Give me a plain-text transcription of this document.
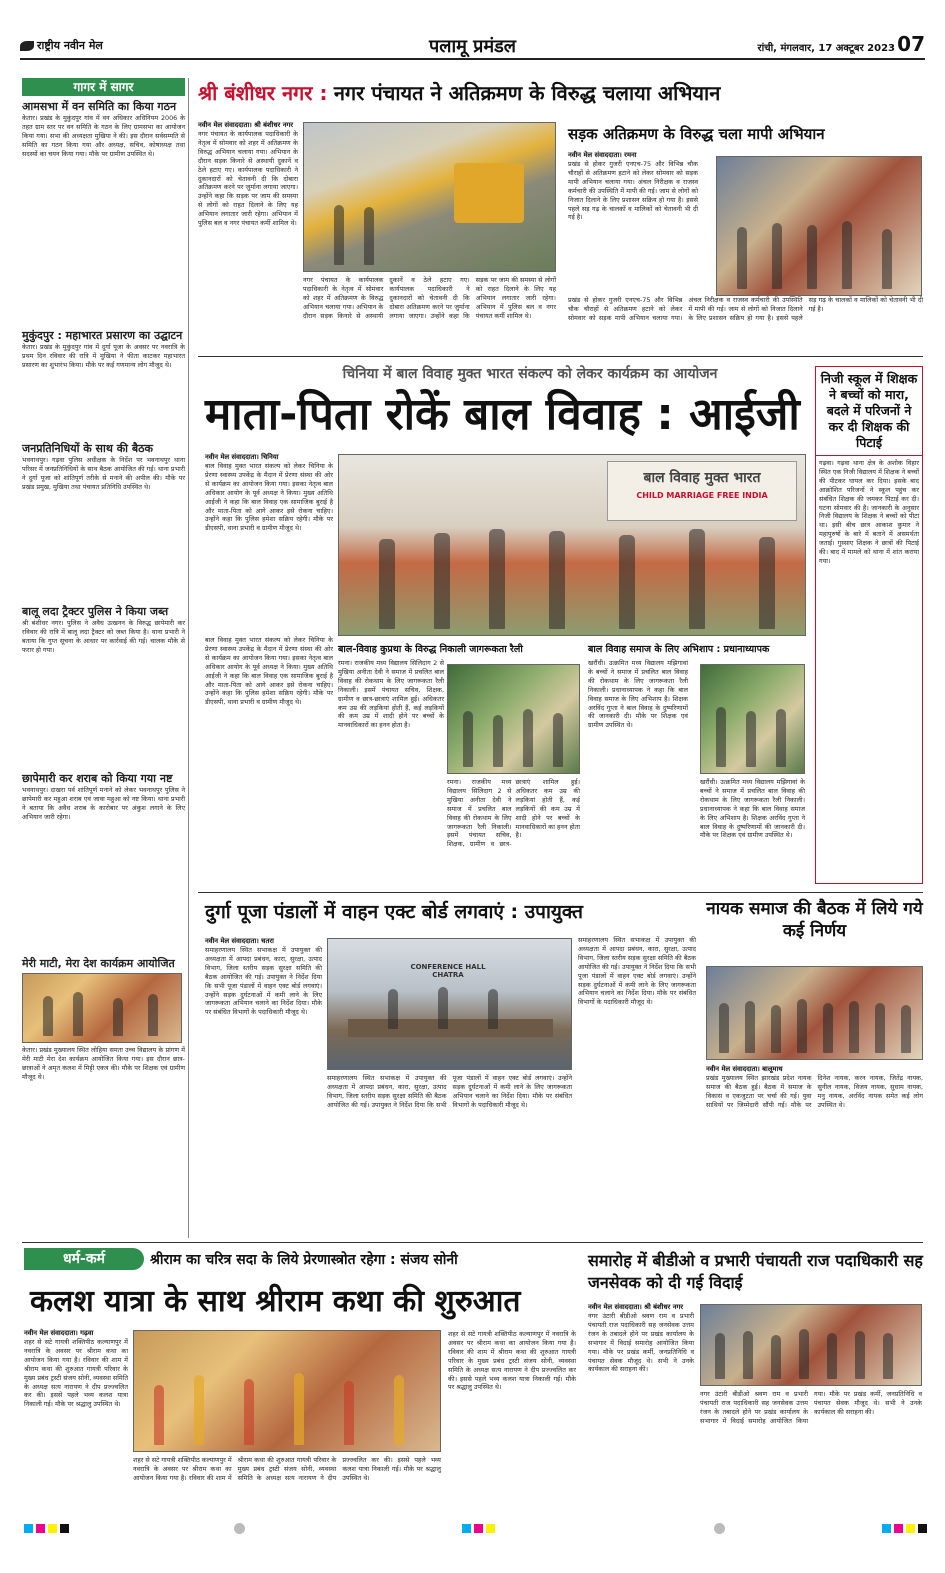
राष्ट्रीय नवीन मेल	पलामू प्रमंडल	रांची, मंगलवार, 17 अक्टूबर 2023 07
गागर में सागर
आमसभा में वन समिति का किया गठन
केतार। प्रखंड के मुकुंदपुर गांव में वन अधिकार अधिनियम 2006 के तहत ग्राम स्तर पर वन समिति के गठन के लिए ग्रामसभा का आयोजन किया गया। सभा की अध्यक्षता मुखिया ने की। इस दौरान सर्वसम्मति से समिति का गठन किया गया और अध्यक्ष, सचिव, कोषाध्यक्ष तथा सदस्यों का चयन किया गया। मौके पर ग्रामीण उपस्थित थे।
मुकुंदपुर : महाभारत प्रसारण का उद्घाटन
केतार। प्रखंड के मुकुंदपुर गांव में दुर्गा पूजा के अवसर पर नवरात्रि के प्रथम दिन रविवार की रात्रि में मुखिया ने फीता काटकर महाभारत प्रसारण का शुभारंभ किया। मौके पर कई गणमान्य लोग मौजूद थे।
जनप्रतिनिधियों के साथ की बैठक
भवनाथपुर। गढ़वा पुलिस अधीक्षक के निर्देश पर भवनाथपुर थाना परिसर में जनप्रतिनिधियों के साथ बैठक आयोजित की गई। थाना प्रभारी ने दुर्गा पूजा को शांतिपूर्ण तरीके से मनाने की अपील की। मौके पर प्रखंड प्रमुख, मुखिया तथा पंचायत प्रतिनिधि उपस्थित थे।
बालू लदा ट्रैक्टर पुलिस ने किया जब्त
श्री बंशीधर नगर। पुलिस ने अवैध उत्खनन के विरुद्ध छापेमारी कर रविवार की रात्रि में बालू लदा ट्रैक्टर को जब्त किया है। थाना प्रभारी ने बताया कि गुप्त सूचना के आधार पर कार्रवाई की गई। चालक मौके से फरार हो गया।
छापेमारी कर शराब को किया गया नष्ट
भवनाथपुर। दाखरा पर्व शांतिपूर्ण मनाने को लेकर भवनाथपुर पुलिस ने छापेमारी कर महुआ शराब एवं जावा महुआ को नष्ट किया। थाना प्रभारी ने बताया कि अवैध शराब के कारोबार पर अंकुश लगाने के लिए अभियान जारी रहेगा।
मेरी माटी, मेरा देश कार्यक्रम आयोजित
केतार। प्रखंड मुख्यालय स्थित लोहिया समता उच्च विद्यालय के प्रांगण में मेरी माटी मेरा देश कार्यक्रम आयोजित किया गया। इस दौरान छात्र-छात्राओं ने अमृत कलश में मिट्टी एकत्र की। मौके पर शिक्षक एवं ग्रामीण मौजूद थे।
श्री बंशीधर नगर : नगर पंचायत ने अतिक्रमण के विरुद्ध चलाया अभियान
नवीन मेल संवाददाता। श्री बंशीधर नगर
नगर पंचायत के कार्यपालक पदाधिकारी के नेतृत्व में सोमवार को शहर में अतिक्रमण के विरुद्ध अभियान चलाया गया। अभियान के दौरान सड़क किनारे से अस्थायी दुकानें व ठेले हटाए गए। कार्यपालक पदाधिकारी ने दुकानदारों को चेतावनी दी कि दोबारा अतिक्रमण करने पर जुर्माना लगाया जाएगा। उन्होंने कहा कि सड़क पर जाम की समस्या से लोगों को राहत दिलाने के लिए यह अभियान लगातार जारी रहेगा। अभियान में पुलिस बल व नगर पंचायत कर्मी शामिल थे।
नगर पंचायत के कार्यपालक पदाधिकारी के नेतृत्व में सोमवार को शहर में अतिक्रमण के विरुद्ध अभियान चलाया गया। अभियान के दौरान सड़क किनारे से अस्थायी दुकानें व ठेले हटाए गए। कार्यपालक पदाधिकारी ने दुकानदारों को चेतावनी दी कि दोबारा अतिक्रमण करने पर जुर्माना लगाया जाएगा। उन्होंने कहा कि सड़क पर जाम की समस्या से लोगों को राहत दिलाने के लिए यह अभियान लगातार जारी रहेगा। अभियान में पुलिस बल व नगर पंचायत कर्मी शामिल थे।
सड़क अतिक्रमण के विरुद्ध चला मापी अभियान
नवीन मेल संवाददाता। रमना
प्रखंड से होकर गुजरी एनएच-75 और विभिन्न चौक चौराहों से अतिक्रमण हटाने को लेकर सोमवार को सड़क मापी अभियान चलाया गया। अंचल निरीक्षक व राजस्व कर्मचारी की उपस्थिति में मापी की गई। जाम से लोगों को निजात दिलाने के लिए प्रशासन सक्रिय हो गया है। इससे पहले सड़ गढ़ के चालकों व मालिकों को चेतावनी भी दी गई है।
प्रखंड से होकर गुजरी एनएच-75 और विभिन्न चौक चौराहों से अतिक्रमण हटाने को लेकर सोमवार को सड़क मापी अभियान चलाया गया। अंचल निरीक्षक व राजस्व कर्मचारी की उपस्थिति में मापी की गई। जाम से लोगों को निजात दिलाने के लिए प्रशासन सक्रिय हो गया है। इससे पहले सड़ गढ़ के चालकों व मालिकों को चेतावनी भी दी गई है।
चिनिया में बाल विवाह मुक्त भारत संकल्प को लेकर कार्यक्रम का आयोजन
माता-पिता रोकें बाल विवाह : आईजी
नवीन मेल संवाददाता। चिनिया
बाल विवाह मुक्त भारत संकल्प को लेकर चिनिया के प्रेरणा स्वास्थ्य उपकेंद्र के मैदान में प्रेरणा संस्था की ओर से कार्यक्रम का आयोजन किया गया। इसका नेतृत्व बाल अधिकार आयोग के पूर्व अध्यक्ष ने किया। मुख्य अतिथि आईजी ने कहा कि बाल विवाह एक सामाजिक बुराई है और माता-पिता को आगे आकर इसे रोकना चाहिए। उन्होंने कहा कि पुलिस हमेशा सक्रिय रहेगी। मौके पर डीएसपी, थाना प्रभारी व ग्रामीण मौजूद थे।
बाल विवाह मुक्त भारत
CHILD MARRIAGE FREE INDIA
बाल विवाह मुक्त भारत संकल्प को लेकर चिनिया के प्रेरणा स्वास्थ्य उपकेंद्र के मैदान में प्रेरणा संस्था की ओर से कार्यक्रम का आयोजन किया गया। इसका नेतृत्व बाल अधिकार आयोग के पूर्व अध्यक्ष ने किया। मुख्य अतिथि आईजी ने कहा कि बाल विवाह एक सामाजिक बुराई है और माता-पिता को आगे आकर इसे रोकना चाहिए। उन्होंने कहा कि पुलिस हमेशा सक्रिय रहेगी। मौके पर डीएसपी, थाना प्रभारी व ग्रामीण मौजूद थे।
बाल-विवाह कुप्रथा के विरुद्ध निकाली जागरूकता रैली
रमना। राजकीय मध्य विद्यालय सिलिदाग 2 से मुखिया अनीता देवी ने समाज में प्रचलित बाल विवाह की रोकथाम के लिए जागरूकता रैली निकाली। इसमें पंचायत सचिव, शिक्षक, ग्रामीण व छात्र-छात्राएं शामिल हुई। अधिकतर कम उम्र की लड़कियां होती हैं, कई लड़कियों की कम उम्र में शादी होने पर बच्चों के मानवाधिकारों का हनन होता है।
रमना। राजकीय मध्य विद्यालय सिलिदाग 2 से मुखिया अनीता देवी ने समाज में प्रचलित बाल विवाह की रोकथाम के लिए जागरूकता रैली निकाली। इसमें पंचायत सचिव, शिक्षक, ग्रामीण व छात्र-छात्राएं शामिल हुई। अधिकतर कम उम्र की लड़कियां होती हैं, कई लड़कियों की कम उम्र में शादी होने पर बच्चों के मानवाधिकारों का हनन होता है।
बाल विवाह समाज के लिए अभिशाप : प्रधानाध्यापक
खरौंधी। उत्क्रमित मध्य विद्यालय मझिगावां के बच्चों ने समाज में प्रचलित बाल विवाह की रोकथाम के लिए जागरूकता रैली निकाली। प्रधानाध्यापक ने कहा कि बाल विवाह समाज के लिए अभिशाप है। शिक्षक अरविंद गुप्ता ने बाल विवाह के दुष्परिणामों की जानकारी दी। मौके पर शिक्षक एवं ग्रामीण उपस्थित थे।
खरौंधी। उत्क्रमित मध्य विद्यालय मझिगावां के बच्चों ने समाज में प्रचलित बाल विवाह की रोकथाम के लिए जागरूकता रैली निकाली। प्रधानाध्यापक ने कहा कि बाल विवाह समाज के लिए अभिशाप है। शिक्षक अरविंद गुप्ता ने बाल विवाह के दुष्परिणामों की जानकारी दी। मौके पर शिक्षक एवं ग्रामीण उपस्थित थे।
निजी स्कूल में शिक्षक ने बच्चों को मारा, बदले में परिजनों ने कर दी शिक्षक की पिटाई
गढ़वा। गढ़वा थाना क्षेत्र के अशोक विहार स्थित एक निजी विद्यालय में शिक्षक ने बच्चों की पीटकर घायल कर दिया। इसके बाद आक्रोशित परिजनों ने स्कूल पहुंच कर संबंधित शिक्षक की जमकर पिटाई कर दी। घटना सोमवार की है। जानकारी के अनुसार निजी विद्यालय के शिक्षक ने बच्चों को पीटा था। इसी बीच छात्र आकाश कुमार ने महापुरुषों के बारे में बताने में असमर्थता जताई। गुस्साए शिक्षक ने छात्रों की पिटाई की। बाद में मामले को थाना में शांत कराया गया।
दुर्गा पूजा पंडालों में वाहन एक्ट बोर्ड लगवाएं : उपायुक्त
नवीन मेल संवाददाता। चतरा
समाहरणालय स्थित सभाकक्ष में उपायुक्त की अध्यक्षता में आपदा प्रबंधन, कारा, सुरक्षा, उत्पाद विभाग, जिला स्तरीय सड़क सुरक्षा समिति की बैठक आयोजित की गई। उपायुक्त ने निर्देश दिया कि सभी पूजा पंडालों में वाहन एक्ट बोर्ड लगवाएं। उन्होंने सड़क दुर्घटनाओं में कमी लाने के लिए जागरूकता अभियान चलाने का निर्देश दिया। मौके पर संबंधित विभागों के पदाधिकारी मौजूद थे।
CONFERENCE HALL CHATRA
समाहरणालय स्थित सभाकक्ष में उपायुक्त की अध्यक्षता में आपदा प्रबंधन, कारा, सुरक्षा, उत्पाद विभाग, जिला स्तरीय सड़क सुरक्षा समिति की बैठक आयोजित की गई। उपायुक्त ने निर्देश दिया कि सभी पूजा पंडालों में वाहन एक्ट बोर्ड लगवाएं। उन्होंने सड़क दुर्घटनाओं में कमी लाने के लिए जागरूकता अभियान चलाने का निर्देश दिया। मौके पर संबंधित विभागों के पदाधिकारी मौजूद थे।
समाहरणालय स्थित सभाकक्ष में उपायुक्त की अध्यक्षता में आपदा प्रबंधन, कारा, सुरक्षा, उत्पाद विभाग, जिला स्तरीय सड़क सुरक्षा समिति की बैठक आयोजित की गई। उपायुक्त ने निर्देश दिया कि सभी पूजा पंडालों में वाहन एक्ट बोर्ड लगवाएं। उन्होंने सड़क दुर्घटनाओं में कमी लाने के लिए जागरूकता अभियान चलाने का निर्देश दिया। मौके पर संबंधित विभागों के पदाधिकारी मौजूद थे।
नायक समाज की बैठक में लिये गये कई निर्णय
नवीन मेल संवाददाता। बालूमाथ
प्रखंड मुख्यालय स्थित झारखंड प्रदेश नायक समाज की बैठक हुई। बैठक में समाज के विकास व एकजुटता पर चर्चा की गई। युवा साथियों पर जिम्मेदारी सौंपी गई। मौके पर दिनेश नायक, करन नायक, जितेंद्र नायक, सुनील नायक, विजय नायक, सुधाम नायक, मनु नायक, अरविंद नायक समेत कई लोग उपस्थित थे।
धर्म-कर्म	श्रीराम का चरित्र सदा के लिये प्रेरणास्त्रोत रहेगा : संजय सोनी
कलश यात्रा के साथ श्रीराम कथा की शुरुआत
नवीन मेल संवाददाता। गढ़वा
शहर से सटे गायत्री शक्तिपीठ कल्याणपुर में नवरात्रि के अवसर पर श्रीराम कथा का आयोजन किया गया है। रविवार की शाम में श्रीराम कथा की शुरुआत गायत्री परिवार के मुख्य प्रबंध ट्रस्टी संजय सोनी, व्यवस्था समिति के अध्यक्ष सत्य नारायण ने दीप प्रज्ज्वलित कर की। इससे पहले भव्य कलश यात्रा निकाली गई। मौके पर श्रद्धालु उपस्थित थे।
शहर से सटे गायत्री शक्तिपीठ कल्याणपुर में नवरात्रि के अवसर पर श्रीराम कथा का आयोजन किया गया है। रविवार की शाम में श्रीराम कथा की शुरुआत गायत्री परिवार के मुख्य प्रबंध ट्रस्टी संजय सोनी, व्यवस्था समिति के अध्यक्ष सत्य नारायण ने दीप प्रज्ज्वलित कर की। इससे पहले भव्य कलश यात्रा निकाली गई। मौके पर श्रद्धालु उपस्थित थे।
शहर से सटे गायत्री शक्तिपीठ कल्याणपुर में नवरात्रि के अवसर पर श्रीराम कथा का आयोजन किया गया है। रविवार की शाम में श्रीराम कथा की शुरुआत गायत्री परिवार के मुख्य प्रबंध ट्रस्टी संजय सोनी, व्यवस्था समिति के अध्यक्ष सत्य नारायण ने दीप प्रज्ज्वलित कर की। इससे पहले भव्य कलश यात्रा निकाली गई। मौके पर श्रद्धालु उपस्थित थे।
समारोह में बीडीओ व प्रभारी पंचायती राज पदाधिकारी सह जनसेवक को दी गई विदाई
नवीन मेल संवाददाता। श्री बंशीधर नगर
नगर उंटारी बीडीओ श्रवण राम व प्रभारी पंचायती राज पदाधिकारी सह जनसेवक उत्तम रंजन के तबादले होने पर प्रखंड कार्यालय के सभागार में विदाई समारोह आयोजित किया गया। मौके पर प्रखंड कर्मी, जनप्रतिनिधि व पंचायत सेवक मौजूद थे। सभी ने उनके कार्यकाल की सराहना की।
नगर उंटारी बीडीओ श्रवण राम व प्रभारी पंचायती राज पदाधिकारी सह जनसेवक उत्तम रंजन के तबादले होने पर प्रखंड कार्यालय के सभागार में विदाई समारोह आयोजित किया गया। मौके पर प्रखंड कर्मी, जनप्रतिनिधि व पंचायत सेवक मौजूद थे। सभी ने उनके कार्यकाल की सराहना की।
